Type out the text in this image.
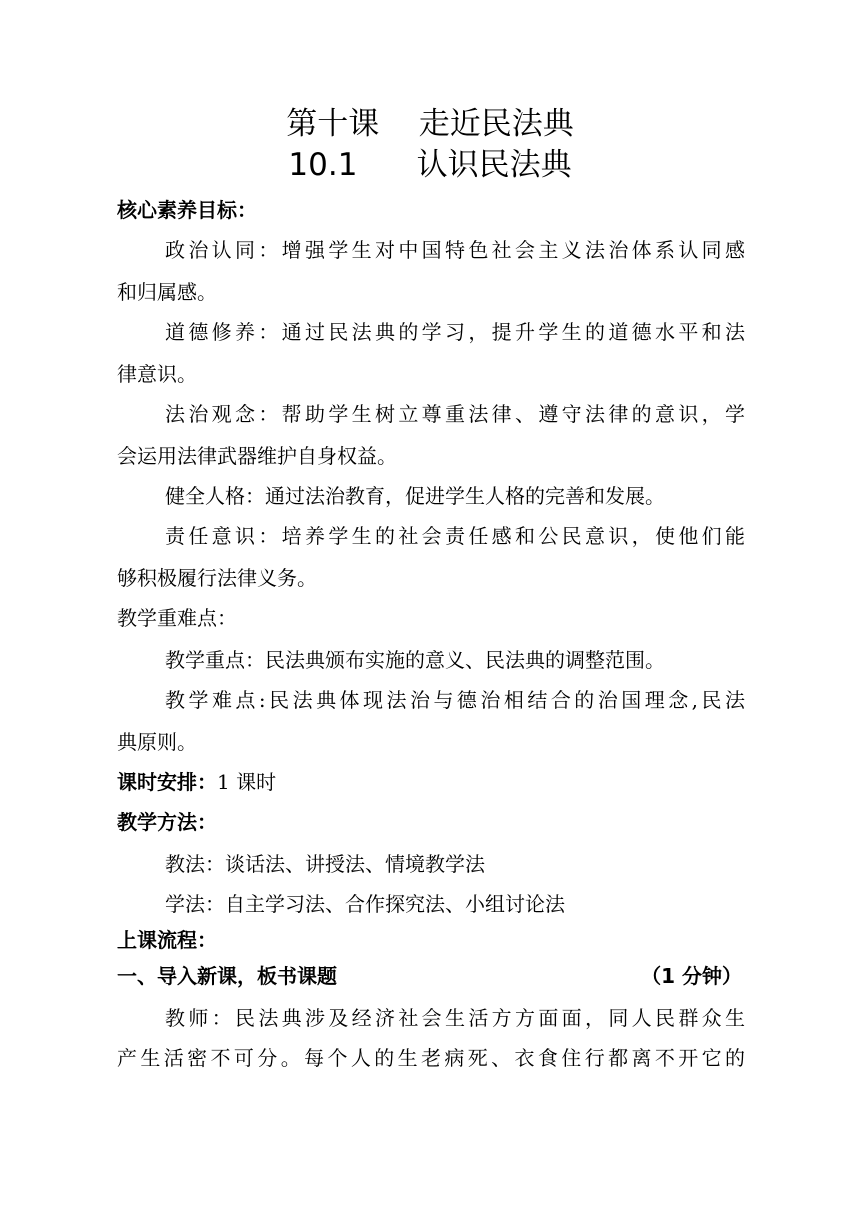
第十课    走近民法典
10.1      认识民法典
核心素养目标：
政治认同：增强学生对中国特色社会主义法治体系认同感
和归属感。
道德修养：通过民法典的学习，提升学生的道德水平和法
律意识。
法治观念：帮助学生树立尊重法律、遵守法律的意识，学
会运用法律武器维护自身权益。
健全人格：通过法治教育，促进学生人格的完善和发展。
责任意识：培养学生的社会责任感和公民意识，使他们能
够积极履行法律义务。
教学重难点：
教学重点：民法典颁布实施的意义、民法典的调整范围。
教学难点:民法典体现法治与德治相结合的治国理念,民法
典原则。
课时安排：1 课时
教学方法：
教法：谈话法、讲授法、情境教学法
学法：自主学习法、合作探究法、小组讨论法
上课流程：
一、导入新课，板书课题	（1 分钟）
教师：民法典涉及经济社会生活方方面面，同人民群众生
产生活密不可分。每个人的生老病死、衣食住行都离不开它的
